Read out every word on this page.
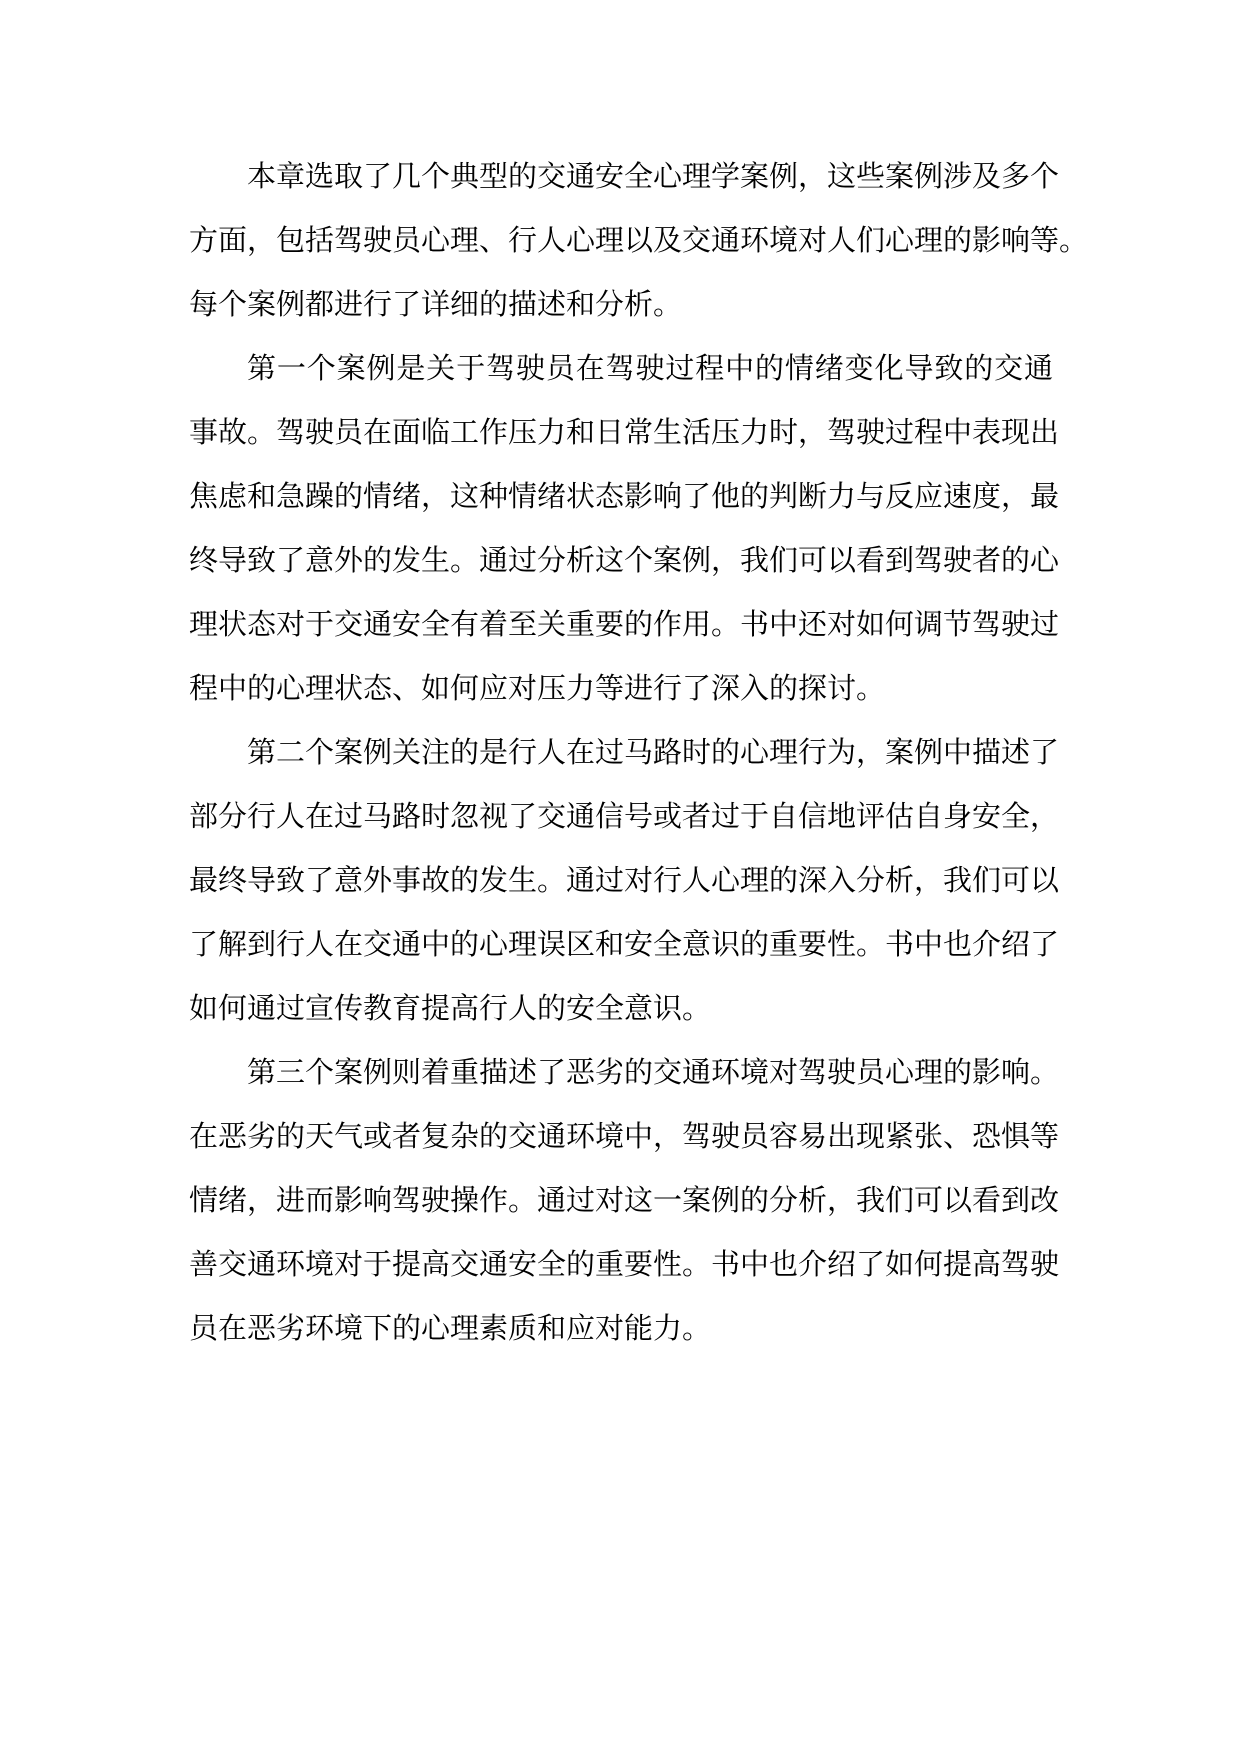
本章选取了几个典型的交通安全心理学案例，这些案例涉及多个
方面，包括驾驶员心理、行人心理以及交通环境对人们心理的影响等。
每个案例都进行了详细的描述和分析。
第一个案例是关于驾驶员在驾驶过程中的情绪变化导致的交通
事故。驾驶员在面临工作压力和日常生活压力时，驾驶过程中表现出
焦虑和急躁的情绪，这种情绪状态影响了他的判断力与反应速度，最
终导致了意外的发生。通过分析这个案例，我们可以看到驾驶者的心
理状态对于交通安全有着至关重要的作用。书中还对如何调节驾驶过
程中的心理状态、如何应对压力等进行了深入的探讨。
第二个案例关注的是行人在过马路时的心理行为，案例中描述了
部分行人在过马路时忽视了交通信号或者过于自信地评估自身安全，
最终导致了意外事故的发生。通过对行人心理的深入分析，我们可以
了解到行人在交通中的心理误区和安全意识的重要性。书中也介绍了
如何通过宣传教育提高行人的安全意识。
第三个案例则着重描述了恶劣的交通环境对驾驶员心理的影响。
在恶劣的天气或者复杂的交通环境中，驾驶员容易出现紧张、恐惧等
情绪，进而影响驾驶操作。通过对这一案例的分析，我们可以看到改
善交通环境对于提高交通安全的重要性。书中也介绍了如何提高驾驶
员在恶劣环境下的心理素质和应对能力。
